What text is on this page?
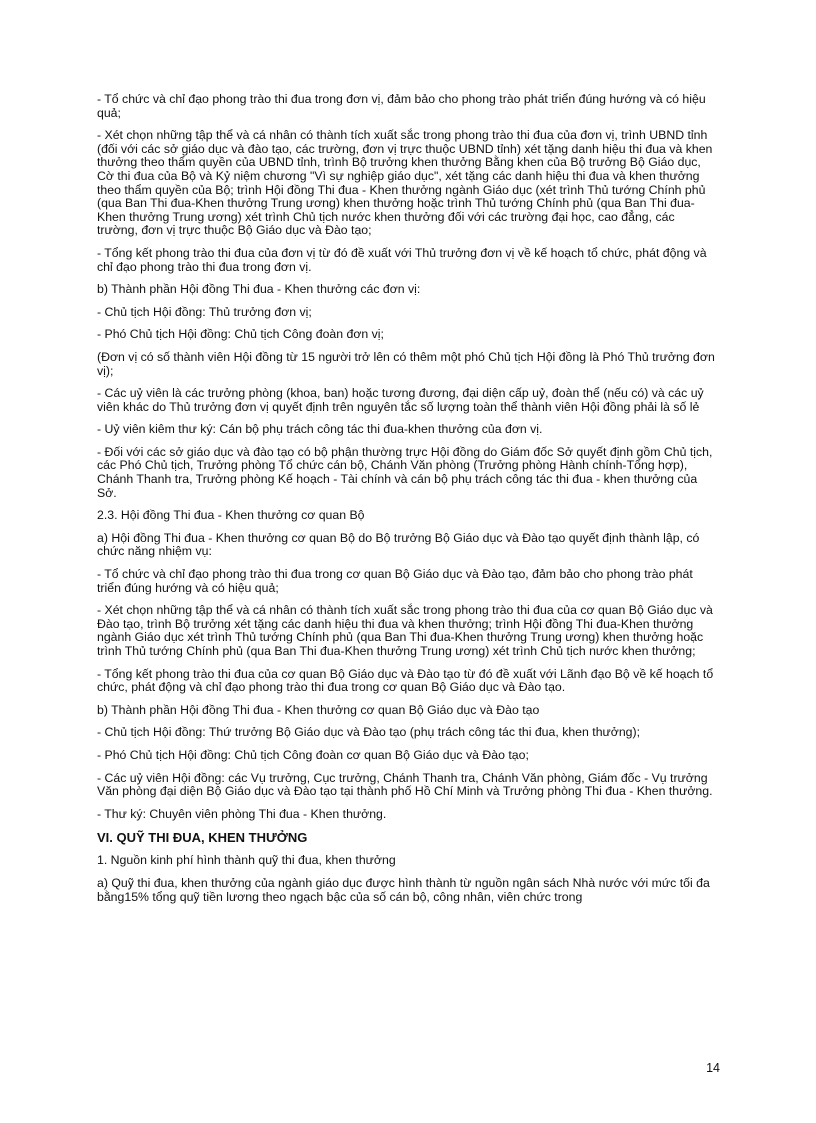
- Tổ chức và chỉ đạo phong trào thi đua trong đơn vị, đảm bảo cho phong trào phát triển đúng hướng và có hiệu quả;

- Xét chọn những tập thể và cá nhân có thành tích xuất sắc trong phong trào thi đua của đơn vị, trình UBND tỉnh (đối với các sở giáo dục và đào tạo, các trường, đơn vị trực thuộc UBND tỉnh) xét tặng danh hiệu thi đua và khen thưởng theo thẩm quyền của UBND tỉnh, trình Bộ trưởng khen thưởng Bằng khen của Bộ trưởng Bộ Giáo dục, Cờ thi đua của Bộ và Kỷ niệm chương "Vì sự nghiệp giáo dục", xét tặng các danh hiệu thi đua và khen thưởng theo thẩm quyền của Bộ; trình Hội đồng Thi đua - Khen thưởng ngành Giáo dục (xét trình Thủ tướng Chính phủ (qua Ban Thi đua-Khen thưởng Trung ương) khen thưởng hoặc trình Thủ tướng Chính phủ (qua Ban Thi đua-Khen thưởng Trung ương) xét trình Chủ tịch nước khen thưởng đối với các trường đại học, cao đẳng, các trường, đơn vị trực thuộc Bộ Giáo dục và Đào tạo;

- Tổng kết phong trào thi đua của đơn vị từ đó đề xuất với Thủ trưởng đơn vị về kế hoạch tổ chức, phát động và chỉ đạo phong trào thi đua trong đơn vị.

b) Thành phần Hội đồng Thi đua - Khen thưởng các đơn vị:

- Chủ tịch Hội đồng: Thủ trưởng đơn vị;

- Phó Chủ tịch Hội đồng: Chủ tịch Công đoàn đơn vị;

(Đơn vị có số thành viên Hội đồng từ 15 người trở lên có thêm một phó Chủ tịch Hội đồng là Phó Thủ trưởng đơn vị);

- Các uỷ viên là các trưởng phòng (khoa, ban) hoặc tương đương, đại diện cấp uỷ, đoàn thể (nếu có) và các uỷ viên khác do Thủ trưởng đơn vị quyết định trên nguyên tắc số lượng toàn thể thành viên Hội đồng phải là số lẻ

- Uỷ viên kiêm thư ký: Cán bộ phụ trách công tác thi đua-khen thưởng của đơn vị.

- Đối với các sở giáo dục và đào tạo có bộ phận thường trực Hội đồng do Giám đốc Sở quyết định gồm Chủ tịch, các Phó Chủ tịch, Trưởng phòng Tổ chức cán bộ, Chánh Văn phòng (Trưởng phòng Hành chính-Tổng hợp), Chánh Thanh tra, Trưởng phòng Kế hoạch - Tài chính và cán bộ phụ trách công tác thi đua - khen thưởng của Sở.

2.3. Hội đồng Thi đua - Khen thưởng cơ quan Bộ

a) Hội đồng Thi đua - Khen thưởng cơ quan Bộ do Bộ trưởng Bộ Giáo dục và Đào tạo quyết định thành lập, có chức năng nhiệm vụ:

- Tổ chức và chỉ đạo phong trào thi đua trong cơ quan Bộ Giáo dục và Đào tạo, đảm bảo cho phong trào phát triển đúng hướng và có hiệu quả;

- Xét chọn những tập thể và cá nhân có thành tích xuất sắc trong phong trào thi đua của cơ quan Bộ Giáo dục và Đào tạo, trình Bộ trưởng xét tặng các danh hiệu thi đua và khen thưởng; trình Hội đồng Thi đua-Khen thưởng ngành Giáo dục xét trình Thủ tướng Chính phủ (qua Ban Thi đua-Khen thưởng Trung ương) khen thưởng hoặc trình Thủ tướng Chính phủ (qua Ban Thi đua-Khen thưởng Trung ương) xét trình Chủ tịch nước khen thưởng;

- Tổng kết phong trào thi đua của cơ quan Bộ Giáo dục và Đào tạo từ đó đề xuất với Lãnh đạo Bộ về kế hoạch tổ chức, phát động và chỉ đạo phong trào thi đua trong cơ quan Bộ Giáo dục và Đào tạo.

b) Thành phần Hội đồng Thi đua - Khen thưởng cơ quan Bộ Giáo dục và Đào tạo

- Chủ tịch Hội đồng: Thứ trưởng Bộ Giáo dục và Đào tạo (phụ trách công tác thi đua, khen thưởng);

- Phó Chủ tịch Hội đồng: Chủ tịch Công đoàn cơ quan Bộ Giáo dục và Đào tạo;

- Các uỷ viên Hội đồng: các Vụ trưởng, Cục trưởng, Chánh Thanh tra, Chánh Văn phòng, Giám đốc - Vụ trưởng Văn phòng đại diện Bộ Giáo dục và Đào tạo tại thành phố Hồ Chí Minh và Trưởng phòng Thi đua - Khen thưởng.

- Thư ký: Chuyên viên phòng Thi đua - Khen thưởng.

VI. QUỸ THI ĐUA, KHEN THƯỞNG

1. Nguồn kinh phí hình thành quỹ thi đua, khen thưởng

a) Quỹ thi đua, khen thưởng của ngành giáo dục được hình thành từ nguồn ngân sách Nhà nước với mức tối đa bằng15% tổng quỹ tiền lương theo ngạch bậc của số cán bộ, công nhân, viên chức trong

14
